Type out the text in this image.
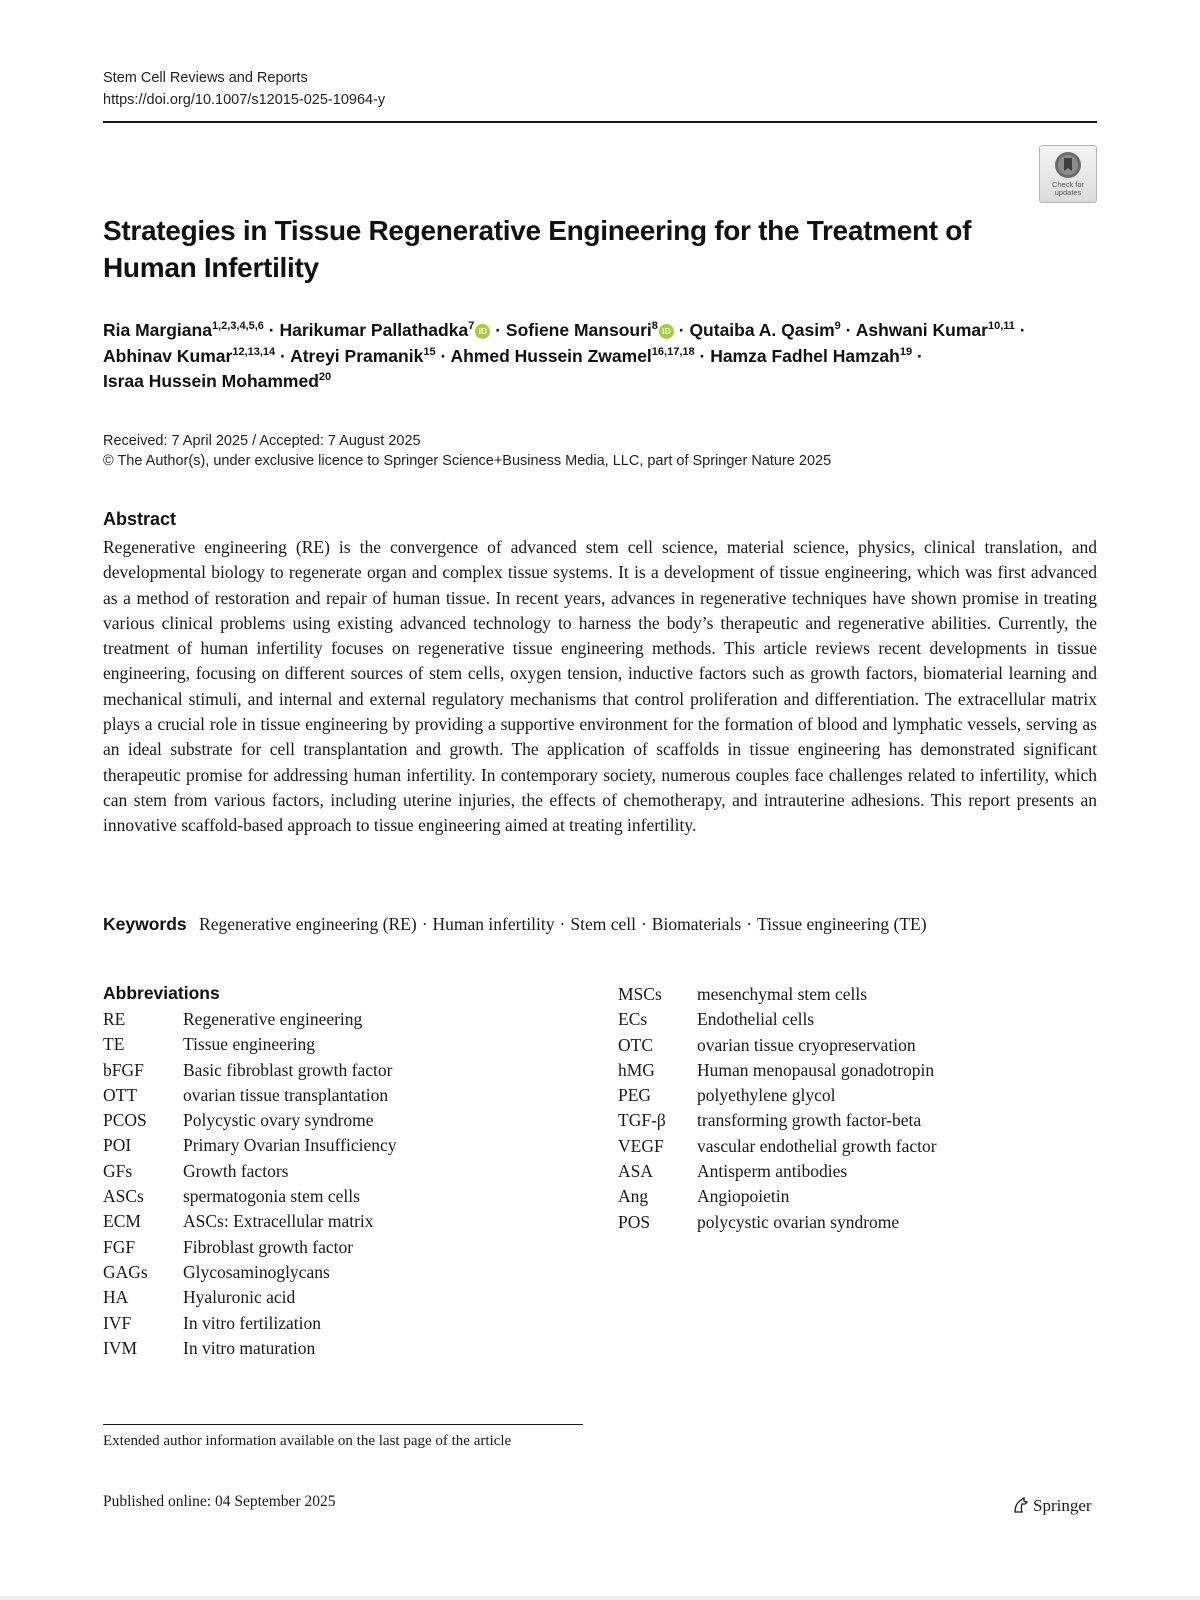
Stem Cell Reviews and Reports
https://doi.org/10.1007/s12015-025-10964-y
Check for updates
Strategies in Tissue Regenerative Engineering for the Treatment of Human Infertility
Ria Margiana$^{1,2,3,4,5,6}$ · Harikumar Pallathadka$^7$ iD · Sofiene Mansouri$^8$ iD · Qutaiba A. Qasim$^9$ · Ashwani Kumar$^{10,11}$ ·
Abhinav Kumar$^{12,13,14}$ · Atreyi Pramanik$^{15}$ · Ahmed Hussein Zwamel$^{16,17,18}$ · Hamza Fadhel Hamzah$^{19}$ ·
Israa Hussein Mohammed$^{20}$
Received: 7 April 2025 / Accepted: 7 August 2025
© The Author(s), under exclusive licence to Springer Science+Business Media, LLC, part of Springer Nature 2025
Abstract

Regenerative engineering (RE) is the convergence of advanced stem cell science, material science, physics, clinical translation, and developmental biology to regenerate organ and complex tissue systems. It is a development of tissue engineering, which was first advanced as a method of restoration and repair of human tissue. In recent years, advances in regenerative techniques have shown promise in treating various clinical problems using existing advanced technology to harness the body’s therapeutic and regenerative abilities. Currently, the treatment of human infertility focuses on regenerative tissue engineering methods. This article reviews recent developments in tissue engineering, focusing on different sources of stem cells, oxygen tension, inductive factors such as growth factors, biomaterial learning and mechanical stimuli, and internal and external regulatory mechanisms that control proliferation and differentiation. The extracellular matrix plays a crucial role in tissue engineering by providing a supportive environment for the formation of blood and lymphatic vessels, serving as an ideal substrate for cell transplantation and growth. The application of scaffolds in tissue engineering has demonstrated significant therapeutic promise for addressing human infertility. In contemporary society, numerous couples face challenges related to infertility, which can stem from various factors, including uterine injuries, the effects of chemotherapy, and intrauterine adhesions. This report presents an innovative scaffold-based approach to tissue engineering aimed at treating infertility.

Keywords Regenerative engineering (RE) · Human infertility · Stem cell · Biomaterials · Tissue engineering (TE)
Abbreviations
RE	Regenerative engineering
TE	Tissue engineering
bFGF Basic fibroblast growth factor
OTT	ovarian tissue transplantation
PCOS Polycystic ovary syndrome
POI	Primary Ovarian Insufficiency
GFs	Growth factors
ASCs spermatogonia stem cells
ECM ASCs: Extracellular matrix
FGF	Fibroblast growth factor
GAGs Glycosaminoglycans
HA	Hyaluronic acid
IVF	In vitro fertilization
IVM	In vitro maturation
MSCs mesenchymal stem cells
ECs	Endothelial cells
OTC	ovarian tissue cryopreservation
hMG Human menopausal gonadotropin
PEG	polyethylene glycol
TGF-β transforming growth factor-beta
VEGF vascular endothelial growth factor
ASA	Antisperm antibodies
Ang	Angiopoietin
POS	polycystic ovarian syndrome
Extended author information available on the last page of the article
Published online: 04 September 2025	Springer
